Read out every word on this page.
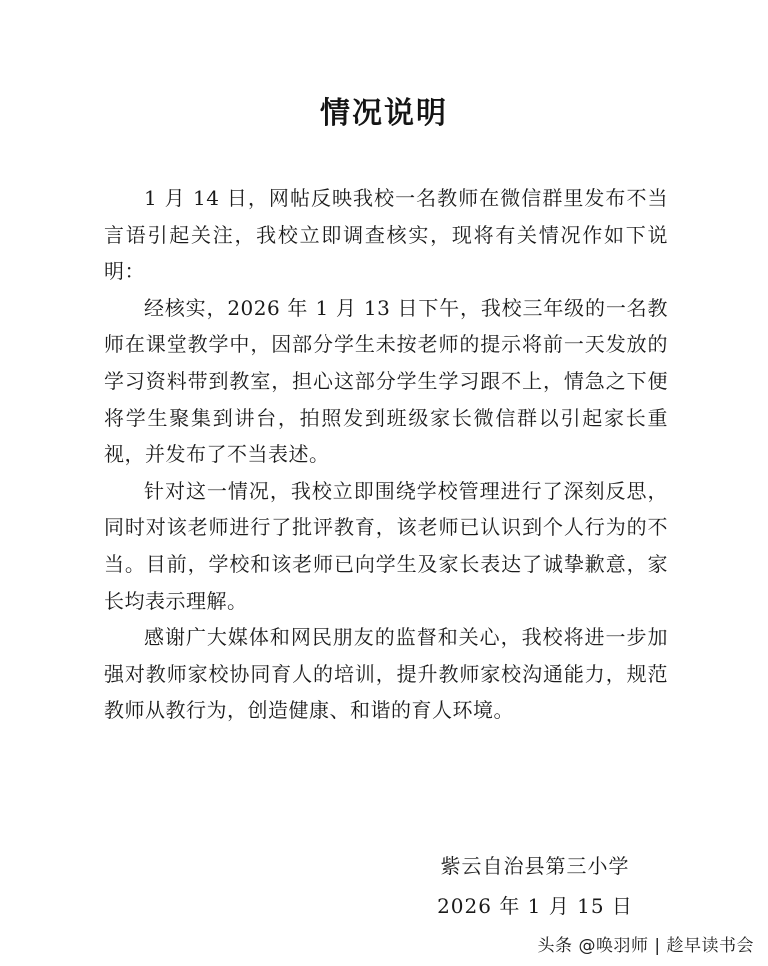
情况说明

1 月 14 日，网帖反映我校一名教师在微信群里发布不当言语引起关注，我校立即调查核实，现将有关情况作如下说明：

经核实，2026 年 1 月 13 日下午，我校三年级的一名教师在课堂教学中，因部分学生未按老师的提示将前一天发放的学习资料带到教室，担心这部分学生学习跟不上，情急之下便将学生聚集到讲台，拍照发到班级家长微信群以引起家长重视，并发布了不当表述。

针对这一情况，我校立即围绕学校管理进行了深刻反思，同时对该老师进行了批评教育，该老师已认识到个人行为的不当。目前，学校和该老师已向学生及家长表达了诚挚歉意，家长均表示理解。

感谢广大媒体和网民朋友的监督和关心，我校将进一步加强对教师家校协同育人的培训，提升教师家校沟通能力，规范教师从教行为，创造健康、和谐的育人环境。

紫云自治县第三小学
2026 年 1 月 15 日
头条 @唤羽师 | 趁早读书会
